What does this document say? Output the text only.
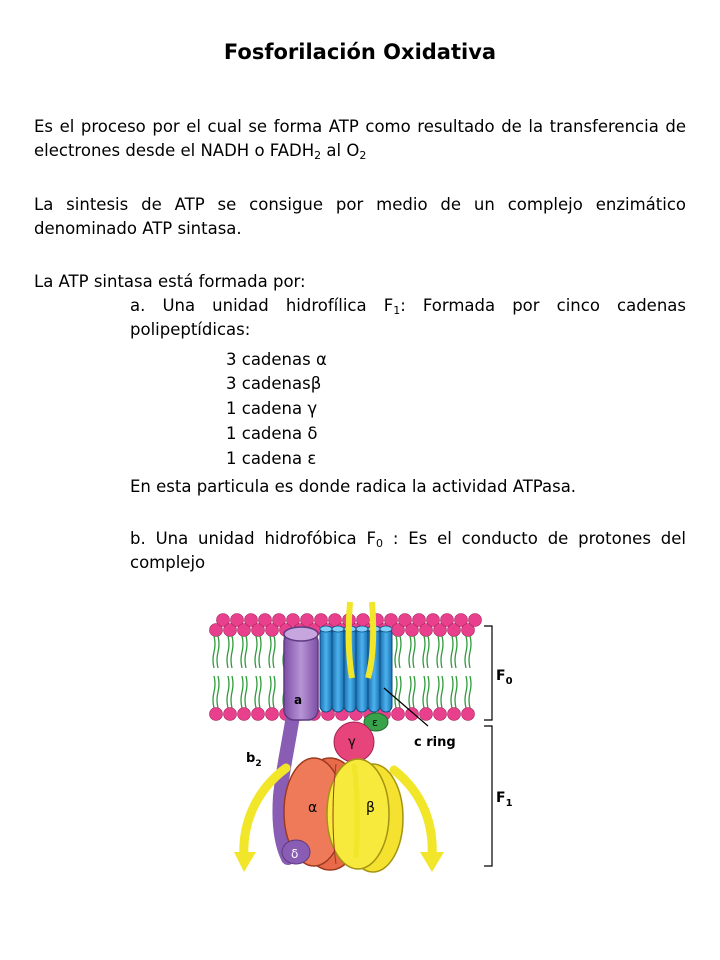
Fosforilación Oxidativa
Es el proceso por el cual se forma ATP como resultado de la transferencia de electrones desde el NADH o $FADH_2$ al $O_2$
La sintesis de ATP se consigue por medio de un complejo enzimático denominado ATP sintasa.
La ATP sintasa está formada por:
a. Una unidad hidrofílica $F_1$: Formada por cinco cadenas polipeptídicas:
3 cadenas α
3 cadenasβ
1 cadena γ
1 cadena δ
1 cadena ε
En esta particula es donde radica la actividad ATPasa.
b. Una unidad hidrofóbica $F_0$ : Es el conducto de protones del complejo
a
$b_2$
ε
γ
α	β
δ
c ring
$F_0$
$F_1$
